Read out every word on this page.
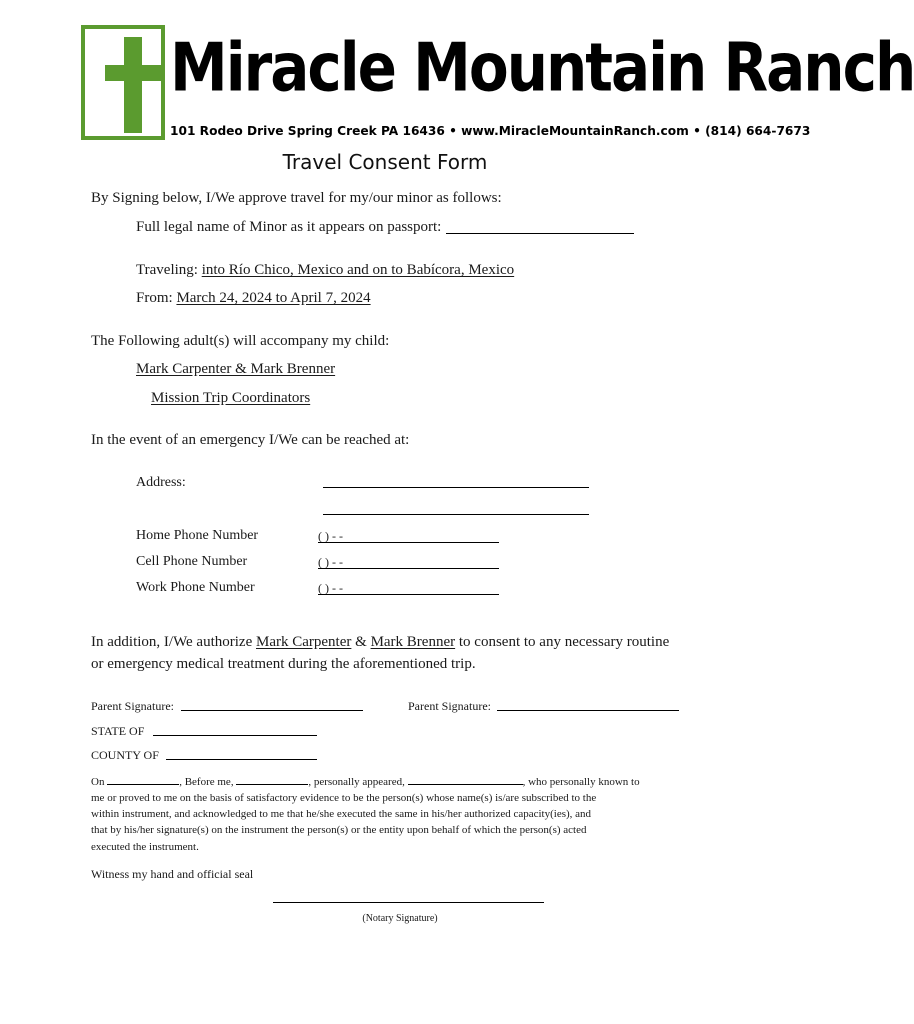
Miracle Mountain Ranch
101 Rodeo Drive Spring Creek PA 16436 • www.MiracleMountainRanch.com • (814) 664-7673
Travel Consent Form
By Signing below, I/We approve travel for my/our minor as follows:
Full legal name of Minor as it appears on passport:
Traveling: into Río Chico, Mexico and on to Babícora, Mexico
From: March 24, 2024 to April 7, 2024
The Following adult(s) will accompany my child:
Mark Carpenter & Mark Brenner
Mission Trip Coordinators
In the event of an emergency I/We can be reached at:
Address:
Home Phone Number	( ) - -
Cell Phone Number	( ) - -
Work Phone Number	( ) - -
In addition, I/We authorize Mark Carpenter & Mark Brenner to consent to any necessary routine
or emergency medical treatment during the aforementioned trip.
Parent Signature:	Parent Signature:
STATE OF
COUNTY OF
On	, Before me,	, personally appeared,	, who personally known to
me or proved to me on the basis of satisfactory evidence to be the person(s) whose name(s) is/are subscribed to the
within instrument, and acknowledged to me that he/she executed the same in his/her authorized capacity(ies), and
that by his/her signature(s) on the instrument the person(s) or the entity upon behalf of which the person(s) acted
executed the instrument.
Witness my hand and official seal
(Notary Signature)
